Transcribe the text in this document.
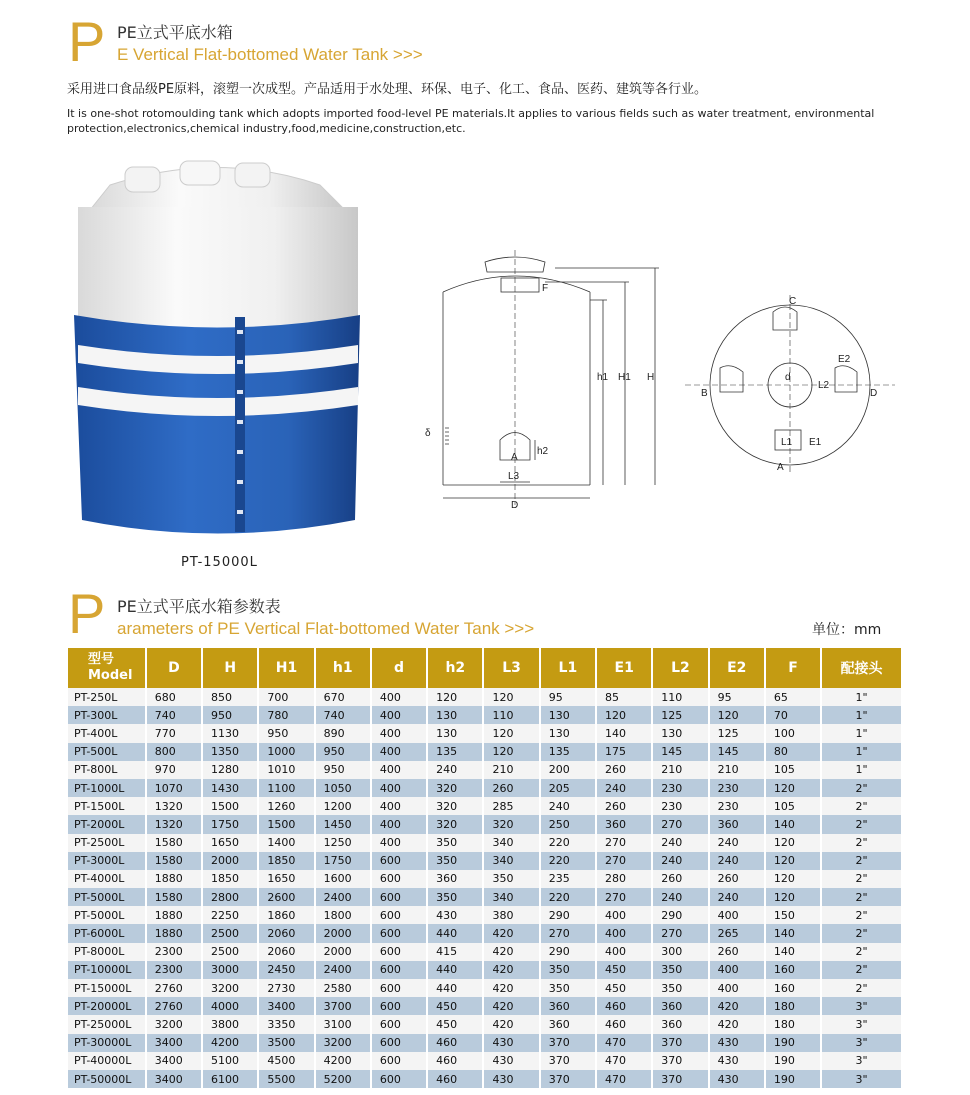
P PE立式平底水箱
E Vertical Flat-bottomed Water Tank >>>
采用进口食品级PE原料，滚塑一次成型。产品适用于水处理、环保、电子、化工、食品、医药、建筑等各行业。
It is one-shot rotomoulding tank which adopts imported food-level PE materials.It applies to various fields such as water treatment, environmental protection,electronics,chemical industry,food,medicine,construction,etc.
PT-15000L
F
h1 H1 H
A
h2
L3
D
δ
C
B	D
A
d
E2
L2
L1 E1
P PE立式平底水箱参数表
arameters of PE Vertical Flat-bottomed Water Tank >>>	单位：mm
型号
Model	D	H	H1	h1	d	h2	L3	L1	E1	L2	E2	F	配接头
PT-250L	680	850	700	670	400	120	120	95	85	110	95	65	1"
PT-300L	740	950	780	740	400	130	110	130	120	125	120	70	1"
PT-400L	770	1130	950	890	400	130	120	130	140	130	125	100	1"
PT-500L	800	1350	1000	950	400	135	120	135	175	145	145	80	1"
PT-800L	970	1280	1010	950	400	240	210	200	260	210	210	105	1"
PT-1000L	1070	1430	1100	1050	400	320	260	205	240	230	230	120	2"
PT-1500L	1320	1500	1260	1200	400	320	285	240	260	230	230	105	2"
PT-2000L	1320	1750	1500	1450	400	320	320	250	360	270	360	140	2"
PT-2500L	1580	1650	1400	1250	400	350	340	220	270	240	240	120	2"
PT-3000L	1580	2000	1850	1750	600	350	340	220	270	240	240	120	2"
PT-4000L	1880	1850	1650	1600	600	360	350	235	280	260	260	120	2"
PT-5000L	1580	2800	2600	2400	600	350	340	220	270	240	240	120	2"
PT-5000L	1880	2250	1860	1800	600	430	380	290	400	290	400	150	2"
PT-6000L	1880	2500	2060	2000	600	440	420	270	400	270	265	140	2"
PT-8000L	2300	2500	2060	2000	600	415	420	290	400	300	260	140	2"
PT-10000L	2300	3000	2450	2400	600	440	420	350	450	350	400	160	2"
PT-15000L	2760	3200	2730	2580	600	440	420	350	450	350	400	160	2"
PT-20000L	2760	4000	3400	3700	600	450	420	360	460	360	420	180	3"
PT-25000L	3200	3800	3350	3100	600	450	420	360	460	360	420	180	3"
PT-30000L	3400	4200	3500	3200	600	460	430	370	470	370	430	190	3"
PT-40000L	3400	5100	4500	4200	600	460	430	370	470	370	430	190	3"
PT-50000L	3400	6100	5500	5200	600	460	430	370	470	370	430	190	3"
